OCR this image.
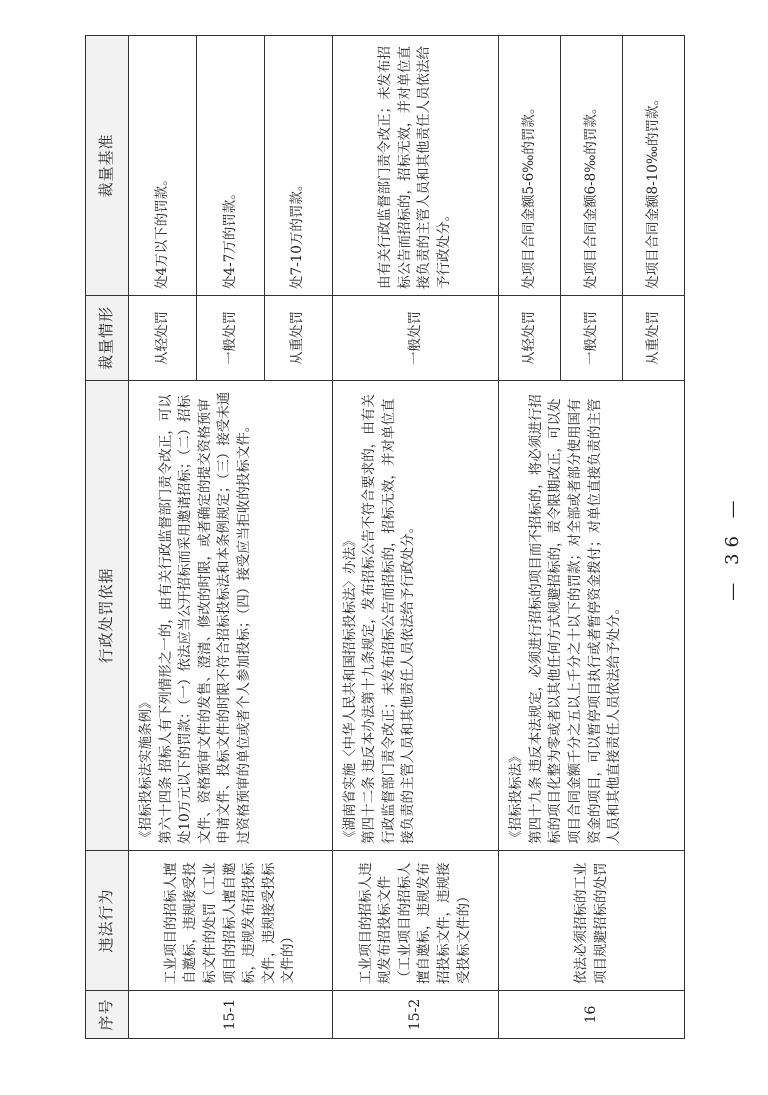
序号	违法行为	行政处罚依据	裁量情形	裁量基准
15-1	工业项目的招标人擅自邀标，违规接受投标文件的处罚（工业项目的招标人擅自邀标，违规发布招投标文件，违规接受投标文件的）	《招标投标法实施条例》 第六十四条 招标人有下列情形之一的，由有关行政监督部门责令改正，可以处10万元以下的罚款：（一）依法应当公开招标而采用邀请招标；（二）招标文件、资格预审文件的发售、澄清、修改的时限，或者确定的提交资格预审申请文件、投标文件的时限不符合招标投标法和本条例规定；（三）接受未通过资格预审的单位或者个人参加投标；（四）接受应当拒收的投标文件。	从轻处罚	处4万以下的罚款。
			一般处罚	处4-7万的罚款。
			从重处罚	处7-10万的罚款。
15-2	工业项目的招标人违规发布招投标文件（工业项目的招标人擅自邀标，违规发布招投标文件，违规接受投标文件的）	《湖南省实施〈中华人民共和国招标投标法〉办法》 第四十二条 违反本办法第十九条规定，发布招标公告不符合要求的，由有关行政监督部门责令改正；未发布招标公告而招标的，招标无效，并对单位直接负责的主管人员和其他责任人员依法给予行政处分。	一般处罚	由有关行政监督部门责令改正；未发布招标公告而招标的，招标无效，并对单位直接负责的主管人员和其他责任人员依法给予行政处分。
16	依法必须招标的工业项目规避招标的处罚	《招标投标法》 第四十九条 违反本法规定，必须进行招标的项目而不招标的，将必须进行招标的项目化整为零或者以其他任何方式规避招标的，责令限期改正，可以处项目合同金额千分之五以上千分之十以下的罚款；对全部或者部分使用国有资金的项目，可以暂停项目执行或者暂停资金拨付；对单位直接负责的主管人员和其他直接责任人员依法给予处分。	从轻处罚	处项目合同金额5-6‰的罚款。
			一般处罚	处项目合同金额6-8‰的罚款。
			从重处罚	处项目合同金额8-10‰的罚款。
— 36 —
